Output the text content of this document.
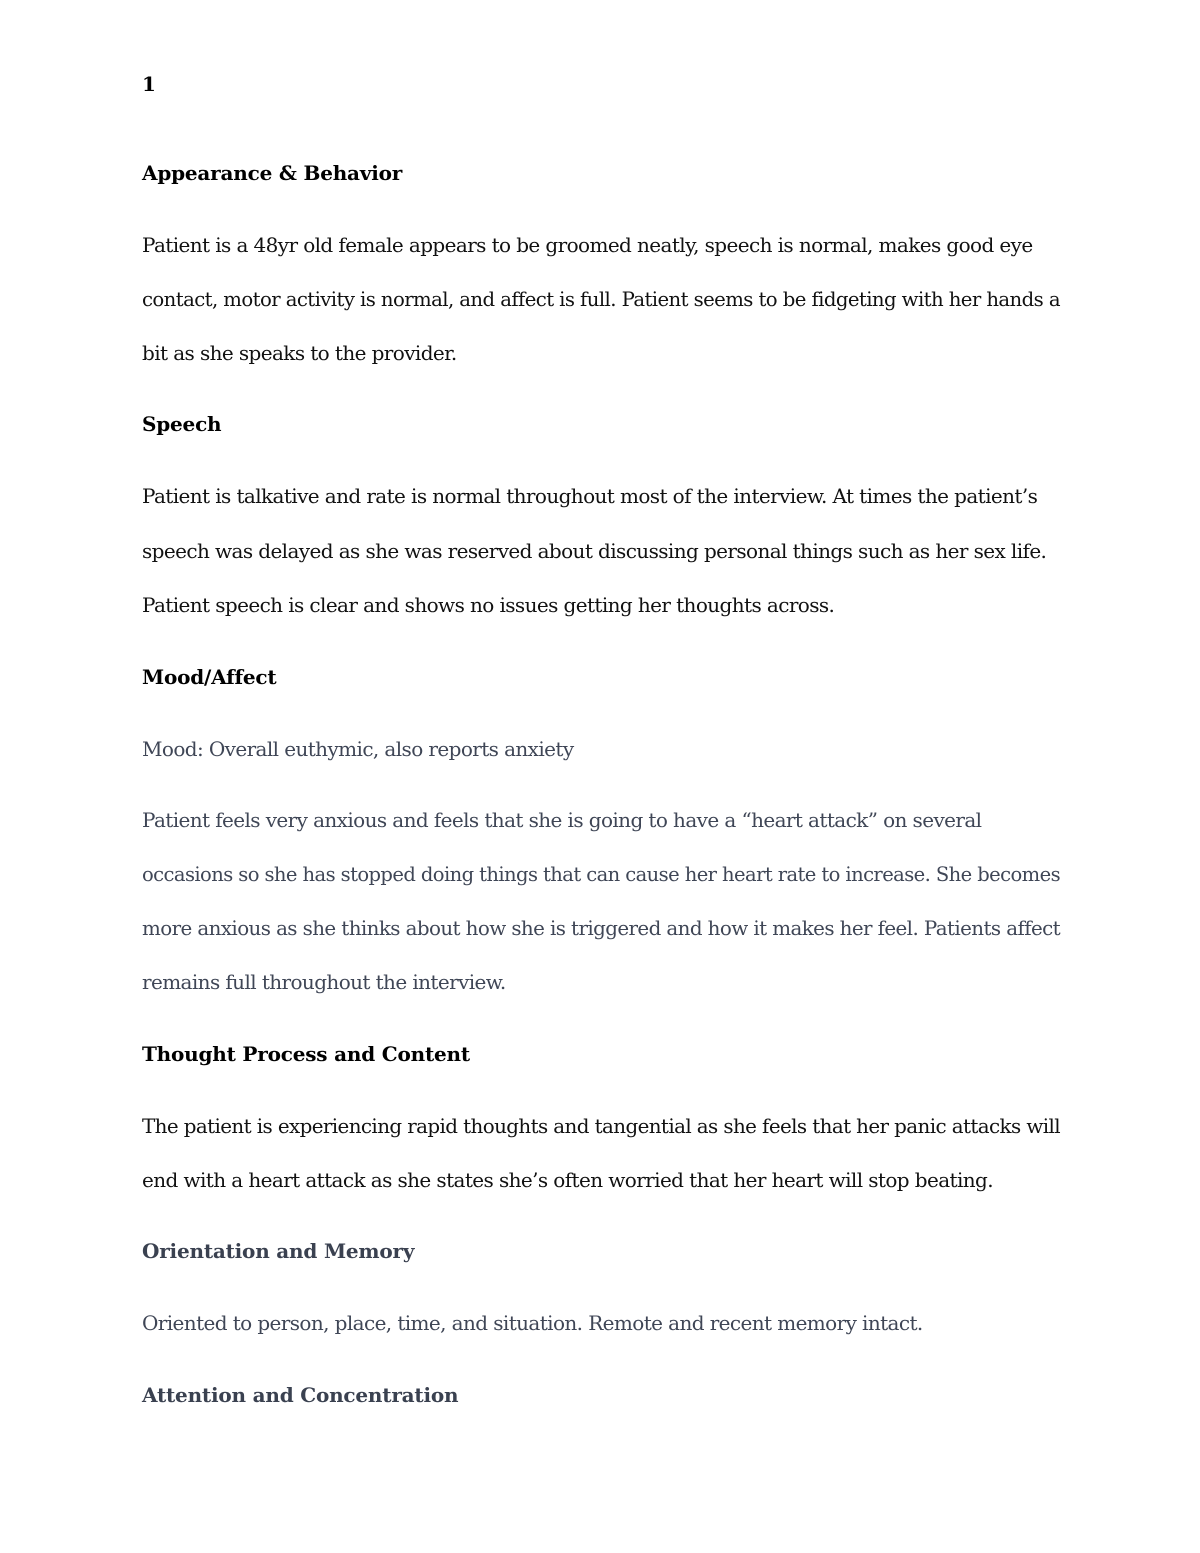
1
Appearance & Behavior
Patient is a 48yr old female appears to be groomed neatly, speech is normal, makes good eye
contact, motor activity is normal, and affect is full. Patient seems to be fidgeting with her hands a
bit as she speaks to the provider.
Speech
Patient is talkative and rate is normal throughout most of the interview. At times the patient’s
speech was delayed as she was reserved about discussing personal things such as her sex life.
Patient speech is clear and shows no issues getting her thoughts across.
Mood/Affect
Mood: Overall euthymic, also reports anxiety
Patient feels very anxious and feels that she is going to have a “heart attack” on several
occasions so she has stopped doing things that can cause her heart rate to increase. She becomes
more anxious as she thinks about how she is triggered and how it makes her feel. Patients affect
remains full throughout the interview.
Thought Process and Content
The patient is experiencing rapid thoughts and tangential as she feels that her panic attacks will
end with a heart attack as she states she’s often worried that her heart will stop beating.
Orientation and Memory
Oriented to person, place, time, and situation. Remote and recent memory intact.
Attention and Concentration
